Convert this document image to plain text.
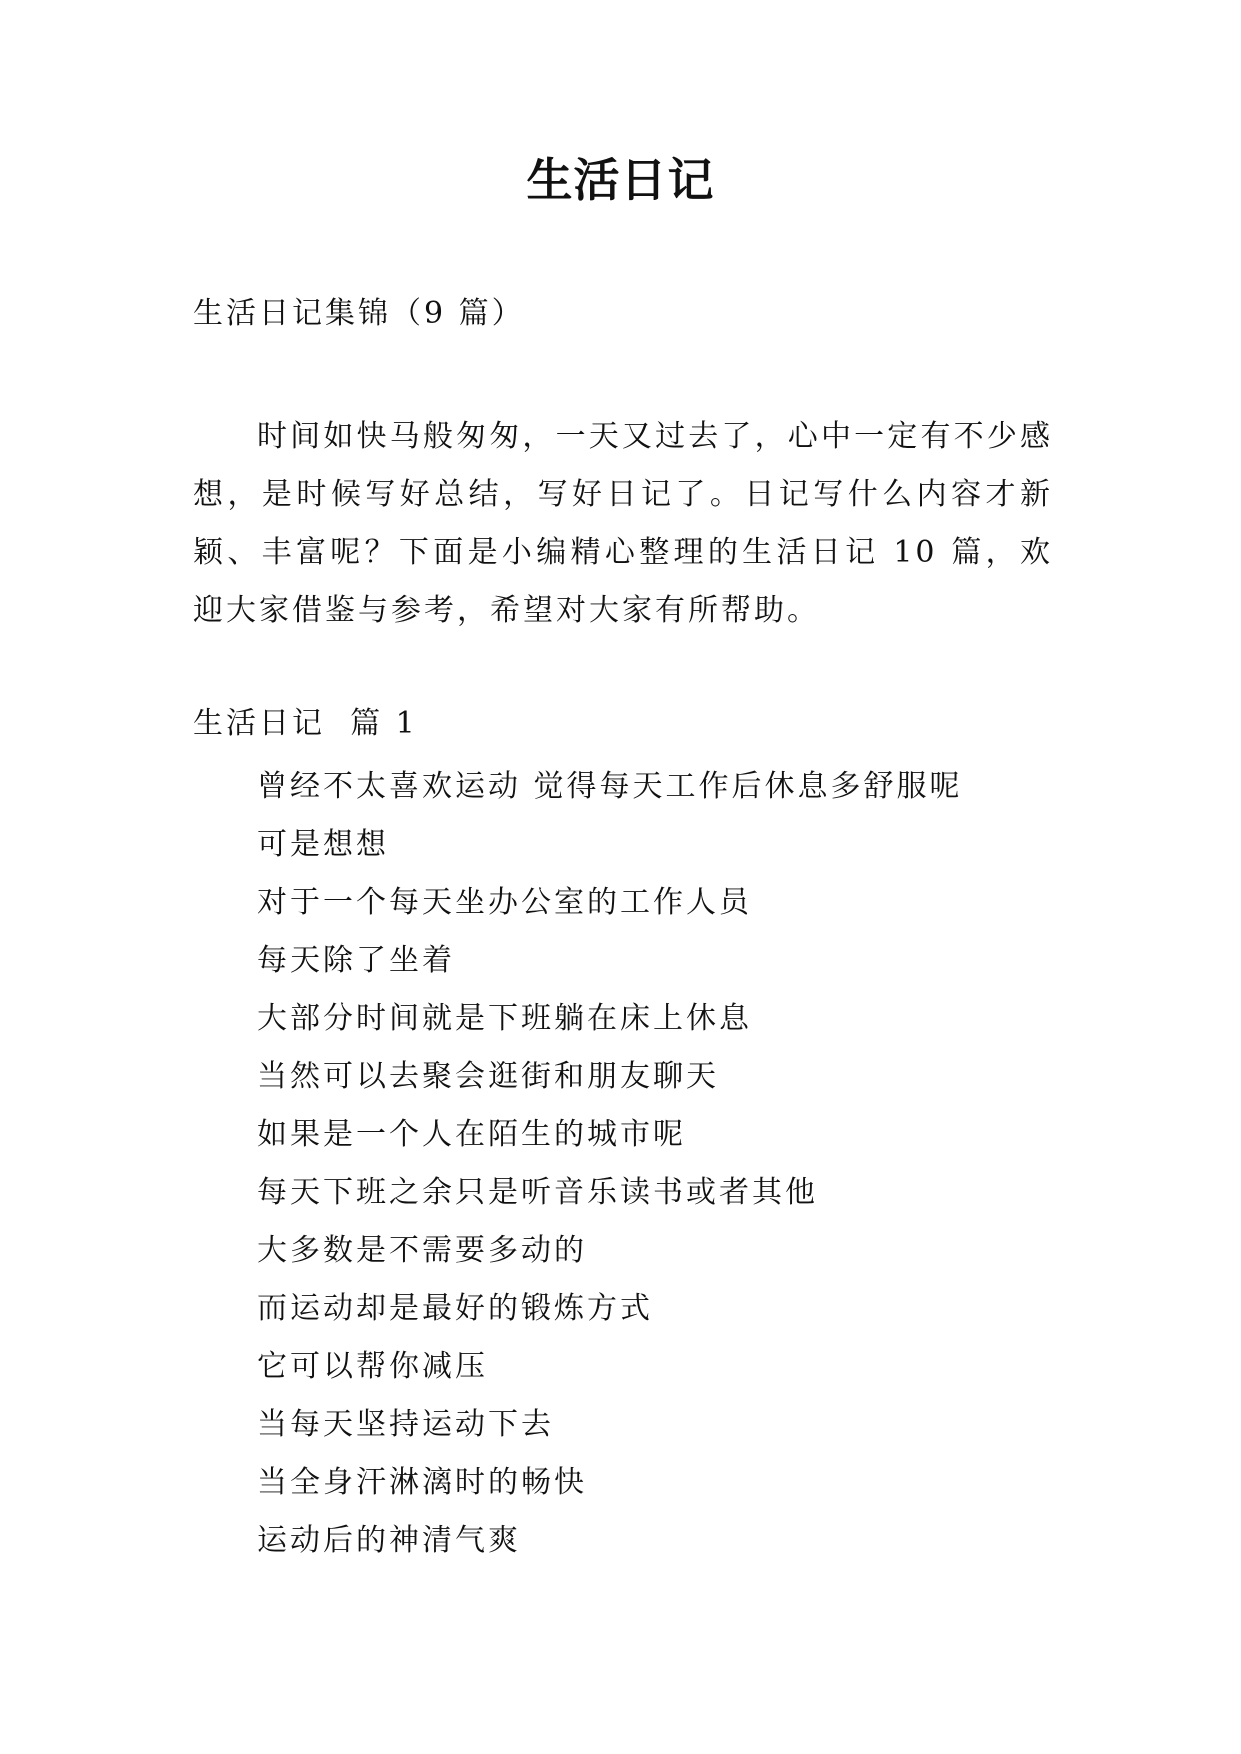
生活日记
生活日记集锦（9 篇）

时间如快马般匆匆，一天又过去了，心中一定有不少感想，是时候写好总结，写好日记了。日记写什么内容才新颖、丰富呢？下面是小编精心整理的生活日记 10 篇，欢迎大家借鉴与参考，希望对大家有所帮助。

生活日记  篇 1
曾经不太喜欢运动 觉得每天工作后休息多舒服呢
可是想想
对于一个每天坐办公室的工作人员
每天除了坐着
大部分时间就是下班躺在床上休息
当然可以去聚会逛街和朋友聊天
如果是一个人在陌生的城市呢
每天下班之余只是听音乐读书或者其他
大多数是不需要多动的
而运动却是最好的锻炼方式
它可以帮你减压
当每天坚持运动下去
当全身汗淋漓时的畅快
运动后的神清气爽
